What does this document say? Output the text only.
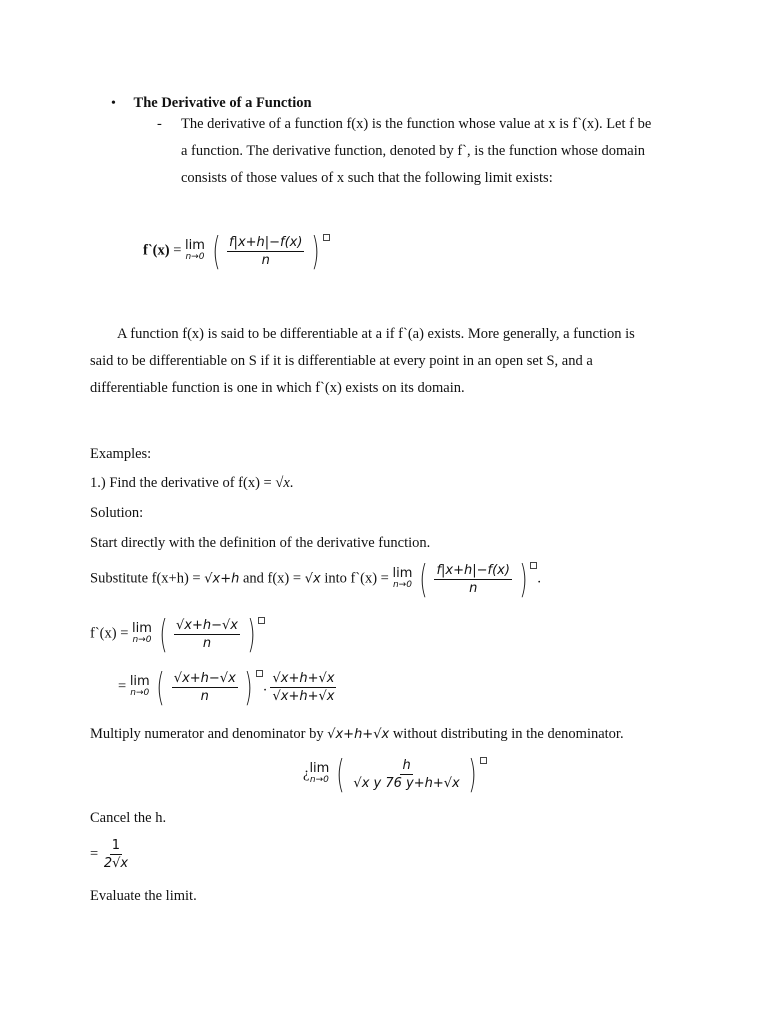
• The Derivative of a Function
- The derivative of a function f(x) is the function whose value at x is f`(x). Let f be
a function. The derivative function, denoted by f`, is the function whose domain
consists of those values of x such that the following limit exists:
f`(x) = lim
n→0 ( $\frac{f|x+h|-f(x)}{n}$ )
A function f(x) is said to be differentiable at a if f`(a) exists. More generally, a function is
said to be differentiable on S if it is differentiable at every point in an open set S, and a
differentiable function is one in which f`(x) exists on its domain.
Examples:
1.) Find the derivative of f(x) = √x.
Solution:
Start directly with the definition of the derivative function.
Substitute f(x+h) = √x+h and f(x) = √x into f`(x) = lim
n→0 ( $\frac{f|x+h|-f(x)}{n}$ ) .
f`(x) = lim
n→0 ( $\frac{√x+h-√x}{n}$ )
= lim
n→0 ( $\frac{√x+h-√x}{n}$ ) . $\frac{√x+h+√x}{√x+h+√x}$
Multiply numerator and denominator by √x+h+√x without distributing in the denominator.
¿ lim
n→0 ( $\frac{h}{\text{√x y 76 y+h+√x}}$ )
Cancel the h.
= $\frac{1}{2√x}$
Evaluate the limit.
